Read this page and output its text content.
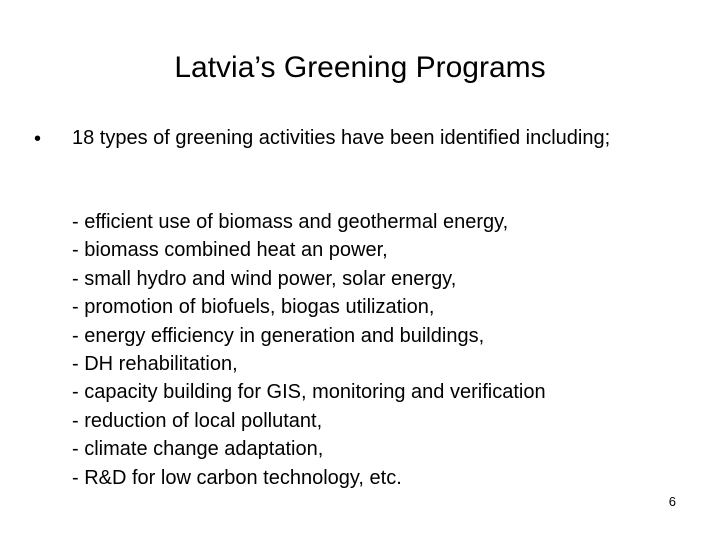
Latvia’s Greening Programs
•	18 types of greening activities have been identified including;
- efficient use of biomass and geothermal energy,
- biomass combined heat an power,
- small hydro and wind power, solar energy,
- promotion of biofuels, biogas utilization,
- energy efficiency in generation and buildings,
- DH rehabilitation,
- capacity building for GIS, monitoring and verification
- reduction of local pollutant,
- climate change adaptation,
- R&D for low carbon technology, etc.
6
